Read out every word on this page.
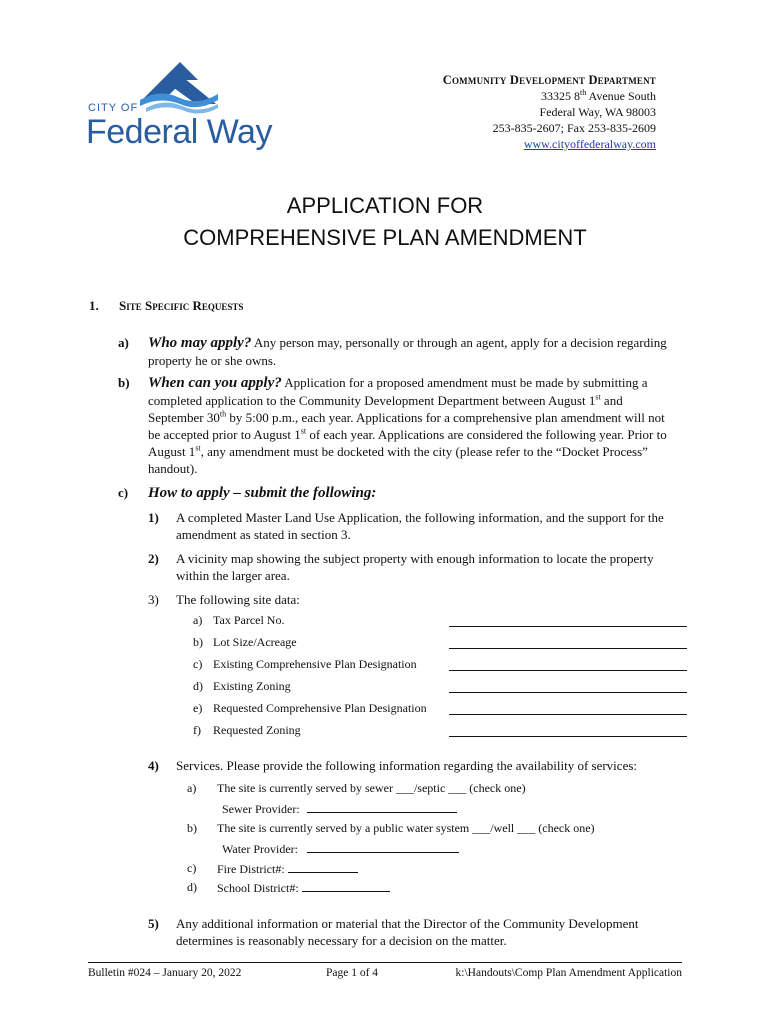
CITY OF
Federal Way
Community Development Department
33325 8th Avenue South
Federal Way, WA 98003
253-835-2607; Fax 253-835-2609
www.cityoffederalway.com
APPLICATION FOR
COMPREHENSIVE PLAN AMENDMENT
1. Site Specific Requests
a) Who may apply? Any person may, personally or through an agent, apply for a decision regarding property he or she owns.
b) When can you apply? Application for a proposed amendment must be made by submitting a completed application to the Community Development Department between August 1st and September 30th by 5:00 p.m., each year. Applications for a comprehensive plan amendment will not be accepted prior to August 1st of each year. Applications are considered the following year. Prior to August 1st, any amendment must be docketed with the city (please refer to the “Docket Process” handout).
c) How to apply – submit the following:
1) A completed Master Land Use Application, the following information, and the support for the amendment as stated in section 3.
2) A vicinity map showing the subject property with enough information to locate the property within the larger area.
3) The following site data:
a) Tax Parcel No.
b) Lot Size/Acreage
c) Existing Comprehensive Plan Designation
d) Existing Zoning
e) Requested Comprehensive Plan Designation
f) Requested Zoning
4) Services. Please provide the following information regarding the availability of services:
a) The site is currently served by sewer ___/septic ___ (check one)
Sewer Provider:
b) The site is currently served by a public water system ___/well ___ (check one)
Water Provider:
c) Fire District#:
d) School District#:
5) Any additional information or material that the Director of the Community Development determines is reasonably necessary for a decision on the matter.
Bulletin #024 – January 20, 2022	Page 1 of 4	k:\Handouts\Comp Plan Amendment Application
